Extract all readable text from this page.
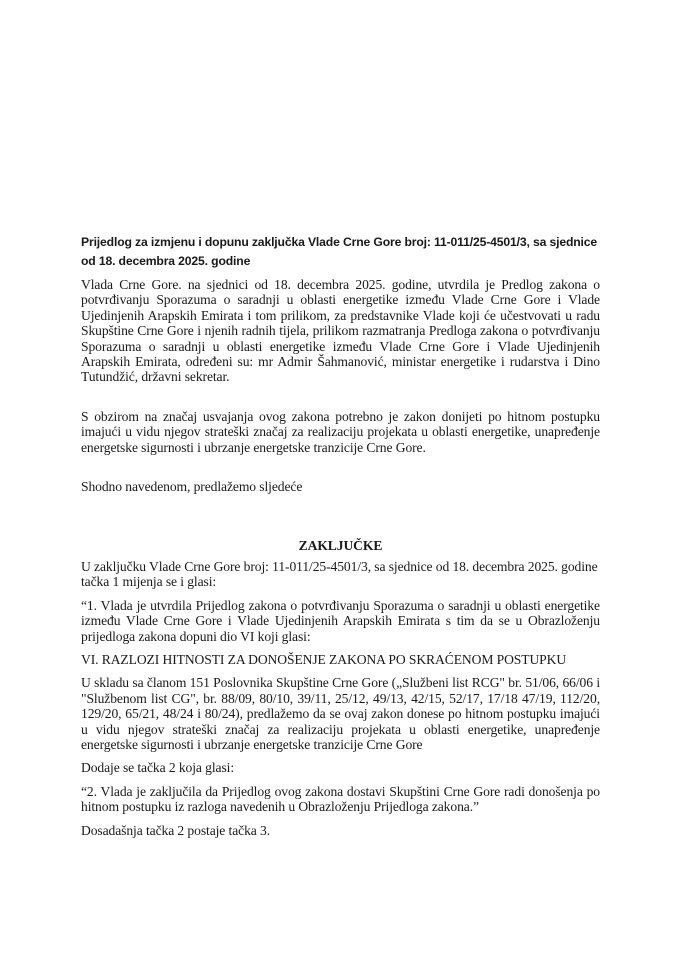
Prijedlog za izmjenu i dopunu zaključka Vlade Crne Gore broj: 11-011/25-4501/3, sa sjednice od 18. decembra 2025. godine

Vlada Crne Gore. na sjednici od 18. decembra 2025. godine, utvrdila je Predlog zakona o potvrđivanju Sporazuma o saradnji u oblasti energetike između Vlade Crne Gore i Vlade Ujedinjenih Arapskih Emirata i tom prilikom, za predstavnike Vlade koji će učestvovati u radu Skupštine Crne Gore i njenih radnih tijela, prilikom razmatranja Predloga zakona o potvrđivanju Sporazuma o saradnji u oblasti energetike između Vlade Crne Gore i Vlade Ujedinjenih Arapskih Emirata, određeni su: mr Admir Šahmanović, ministar energetike i rudarstva i Dino Tutundžić, državni sekretar.

S obzirom na značaj usvajanja ovog zakona potrebno je zakon donijeti po hitnom postupku imajući u vidu njegov strateški značaj za realizaciju projekata u oblasti energetike, unapređenje energetske sigurnosti i ubrzanje energetske tranzicije Crne Gore.

Shodno navedenom, predlažemo sljedeće

ZAKLJUČKE

U zaključku Vlade Crne Gore broj: 11-011/25-4501/3, sa sjednice od 18. decembra 2025. godine tačka 1 mijenja se i glasi:

“1. Vlada je utvrdila Prijedlog zakona o potvrđivanju Sporazuma o saradnji u oblasti energetike između Vlade Crne Gore i Vlade Ujedinjenih Arapskih Emirata s tim da se u Obrazloženju prijedloga zakona dopuni dio VI koji glasi:

VI. RAZLOZI HITNOSTI ZA DONOŠENJE ZAKONA PO SKRAĆENOM POSTUPKU

U skladu sa članom 151 Poslovnika Skupštine Crne Gore („Službeni list RCG" br. 51/06, 66/06 i "Službenom list CG", br. 88/09, 80/10, 39/11, 25/12, 49/13, 42/15, 52/17, 17/18 47/19, 112/20, 129/20, 65/21, 48/24 i 80/24), predlažemo da se ovaj zakon donese po hitnom postupku imajući u vidu njegov strateški značaj za realizaciju projekata u oblasti energetike, unapređenje energetske sigurnosti i ubrzanje energetske tranzicije Crne Gore

Dodaje se tačka 2 koja glasi:

“2. Vlada je zaključila da Prijedlog ovog zakona dostavi Skupštini Crne Gore radi donošenja po hitnom postupku iz razloga navedenih u Obrazloženju Prijedloga zakona.”

Dosadašnja tačka 2 postaje tačka 3.
